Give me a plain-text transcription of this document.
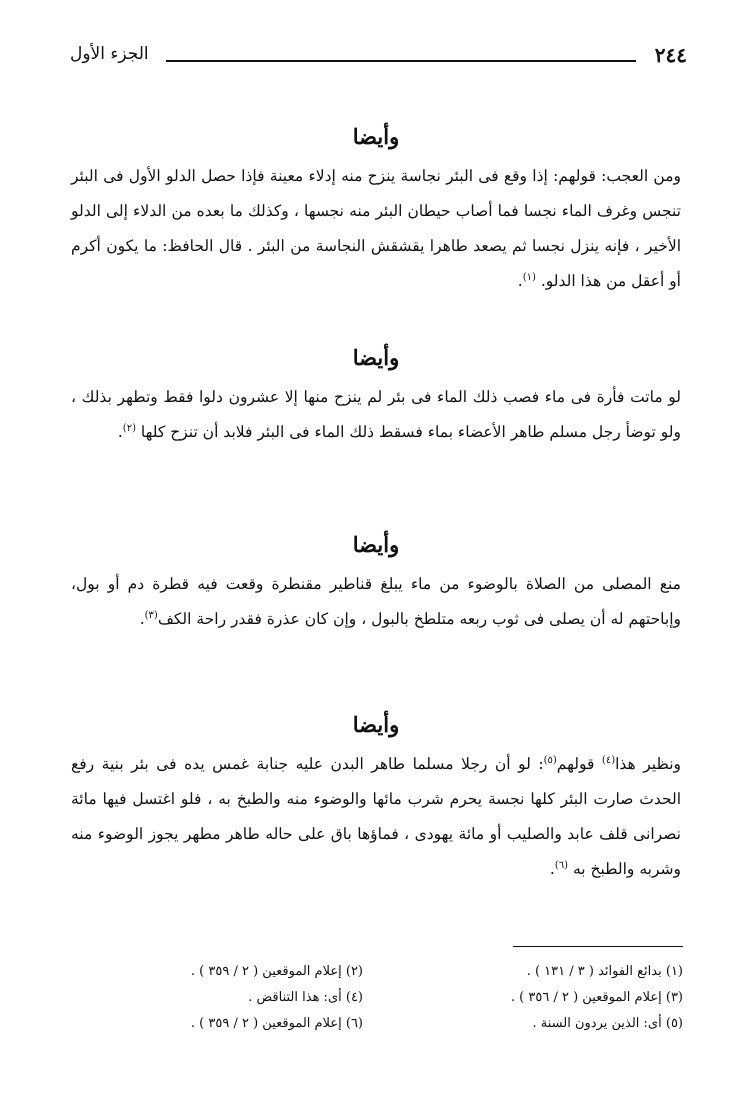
٢٤٤
الجزء الأول
وأيضا

ومن العجب: قولهم: إذا وقع فى البئر نجاسة ينزح منه إدلاء معينة فإذا حصل الدلو الأول فى البئر تنجس وغرف الماء نجسا فما أصاب حيطان البئر منه نجسها ، وكذلك ما بعده من الدلاء إلى الدلو الأخير ، فإنه ينزل نجسا ثم يصعد طاهرا يقشقش النجاسة من البئر . قال الحافظ: ما يكون أكرم أو أعقل من هذا الدلو. $^{(١)}$.

وأيضا

لو ماتت فأرة فى ماء فصب ذلك الماء فى بئر لم ينزح منها إلا عشرون دلوا فقط وتطهر بذلك ، ولو توضأ رجل مسلم طاهر الأعضاء بماء فسقط ذلك الماء فى البئر فلابد أن تنزح كلها $^{(٢)}$.

وأيضا

منع المصلى من الصلاة بالوضوء من ماء يبلغ قناطير مقنطرة وقعت فيه قطرة دم أو بول، وإباحتهم له أن يصلى فى ثوب ربعه متلطخ بالبول ، وإن كان عذرة فقدر راحة الكف$^{(٣)}$.

وأيضا

ونظير هذا$^{(٤)}$ قولهم$^{(٥)}$: لو أن رجلا مسلما طاهر البدن عليه جنابة غمس يده فى بئر بنية رفع الحدث صارت البئر كلها نجسة يحرم شرب مائها والوضوء منه والطبخ به ، فلو اغتسل فيها مائة نصرانى قلف عابد والصليب أو مائة يهودى ، فماؤها باق على حاله طاهر مطهر يجوز الوضوء منه وشربه والطبخ به $^{(٦)}$.

(١) بدائع الفوائد ( ٣ / ١٣١ ) .
(٢) إعلام الموقعين ( ٢ / ٣٥٩ ) .
(٣) إعلام الموقعين ( ٢ / ٣٥٦ ) .
(٤) أى: هذا التناقض .
(٥) أى: الذين يردون السنة .
(٦) إعلام الموقعين ( ٢ / ٣٥٩ ) .
